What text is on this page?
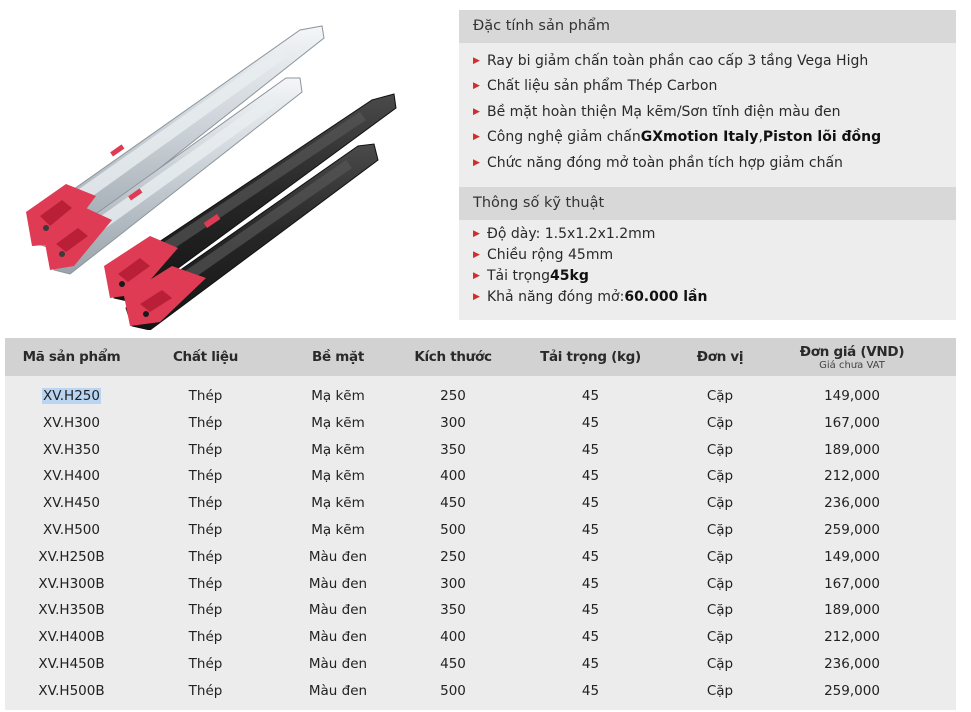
Đặc tính sản phẩm
▶ Ray bi giảm chấn toàn phần cao cấp 3 tầng Vega High
▶ Chất liệu sản phẩm Thép Carbon
▶ Bề mặt hoàn thiện Mạ kẽm/Sơn tĩnh điện màu đen
▶ Công nghệ giảm chấn GXmotion Italy , Piston lõi đồng
▶ Chức năng đóng mở toàn phần tích hợp giảm chấn
Thông số kỹ thuật
▶ Độ dày: 1.5x1.2x1.2mm
▶ Chiều rộng 45mm
▶ Tải trọng 45kg
▶ Khả năng đóng mở: 60.000 lần
Mã sản phẩm	Chất liệu	Bề mặt	Kích thước	Tải trọng (kg)	Đơn vị	Đơn giá (VND)
Giá chưa VAT
XV.H250	Thép	Mạ kẽm	250	45	Cặp	149,000
XV.H300	Thép	Mạ kẽm	300	45	Cặp	167,000
XV.H350	Thép	Mạ kẽm	350	45	Cặp	189,000
XV.H400	Thép	Mạ kẽm	400	45	Cặp	212,000
XV.H450	Thép	Mạ kẽm	450	45	Cặp	236,000
XV.H500	Thép	Mạ kẽm	500	45	Cặp	259,000
XV.H250B	Thép	Màu đen	250	45	Cặp	149,000
XV.H300B	Thép	Màu đen	300	45	Cặp	167,000
XV.H350B	Thép	Màu đen	350	45	Cặp	189,000
XV.H400B	Thép	Màu đen	400	45	Cặp	212,000
XV.H450B	Thép	Màu đen	450	45	Cặp	236,000
XV.H500B	Thép	Màu đen	500	45	Cặp	259,000
